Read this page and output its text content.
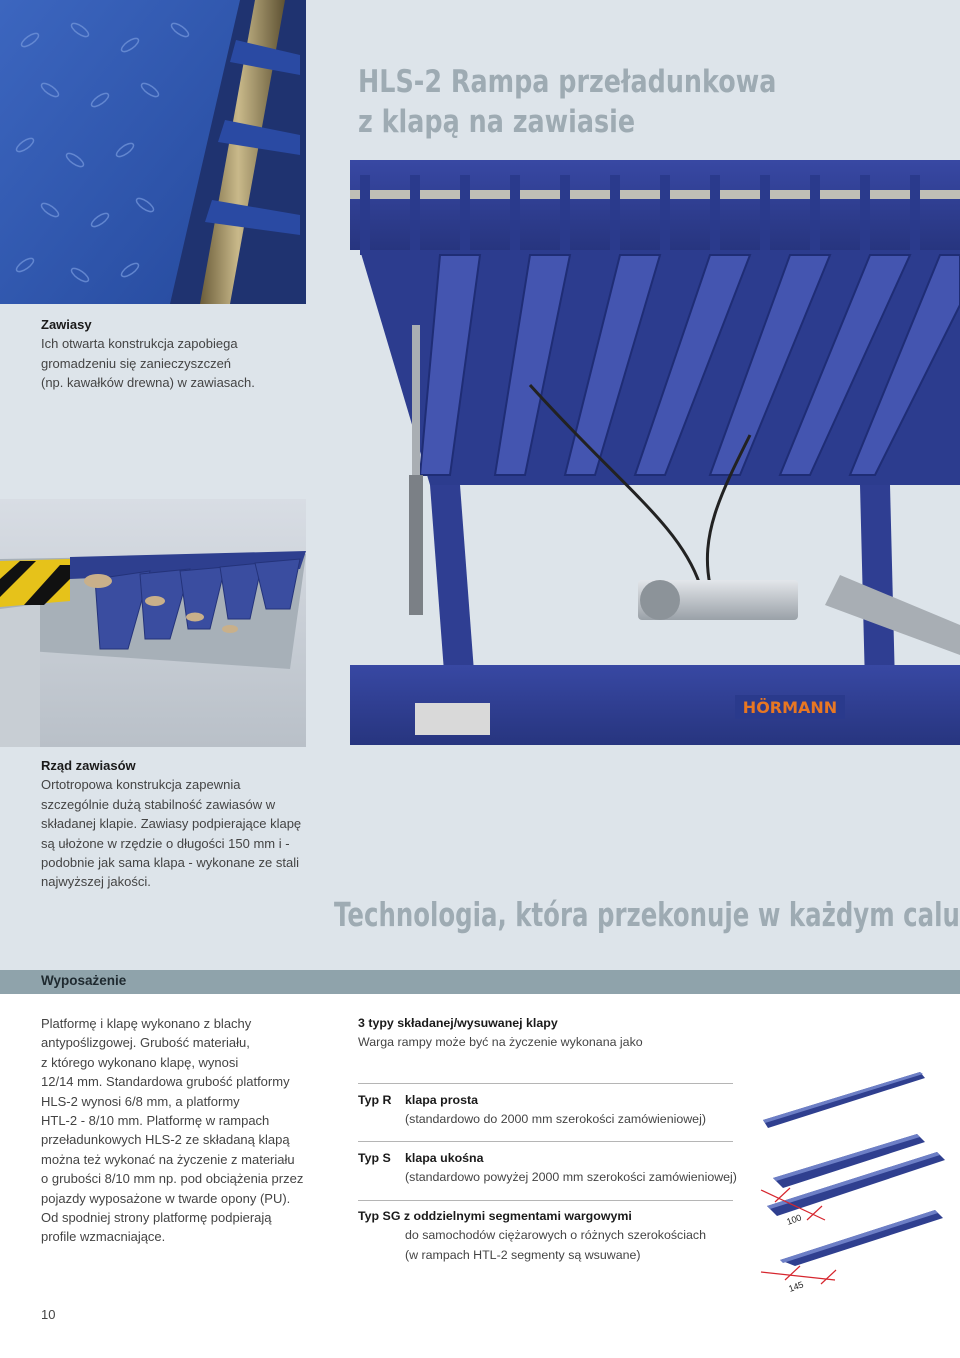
HÖRMANN
HLS-2 Rampa przeładunkowa
z klapą na zawiasie
Technologia, która przekonuje w każdym calu
Zawiasy
Ich otwarta konstrukcja zapobiega
gromadzeniu się zanieczyszczeń
(np. kawałków drewna) w zawiasach.
Rząd zawiasów
Ortotropowa konstrukcja zapewnia
szczególnie dużą stabilność zawiasów w
składanej klapie. Zawiasy podpierające klapę
są ułożone w rzędzie o długości 150 mm i -
podobnie jak sama klapa - wykonane ze stali
najwyższej jakości.
Wyposażenie
Platformę i klapę wykonano z blachy
antypoślizgowej. Grubość materiału,
z którego wykonano klapę, wynosi
12/14 mm. Standardowa grubość platformy
HLS-2 wynosi 6/8 mm, a platformy
HTL-2 - 8/10 mm. Platformę w rampach
przeładunkowych HLS-2 ze składaną klapą
można też wykonać na życzenie z materiału
o grubości 8/10 mm np. pod obciążenia przez
pojazdy wyposażone w twarde opony (PU).
Od spodniej strony platformę podpierają
profile wzmacniające.
3 typy składanej/wysuwanej klapy
Warga rampy może być na życzenie wykonana jako
Typ R klapa prosta
(standardowo do 2000 mm szerokości zamówieniowej)
Typ S klapa ukośna
(standardowo powyżej 2000 mm szerokości zamówieniowej)
Typ SG z oddzielnymi segmentami wargowymi
do samochodów ciężarowych o różnych szerokościach
(w rampach HTL-2 segmenty są wsuwane)
100
145
10
